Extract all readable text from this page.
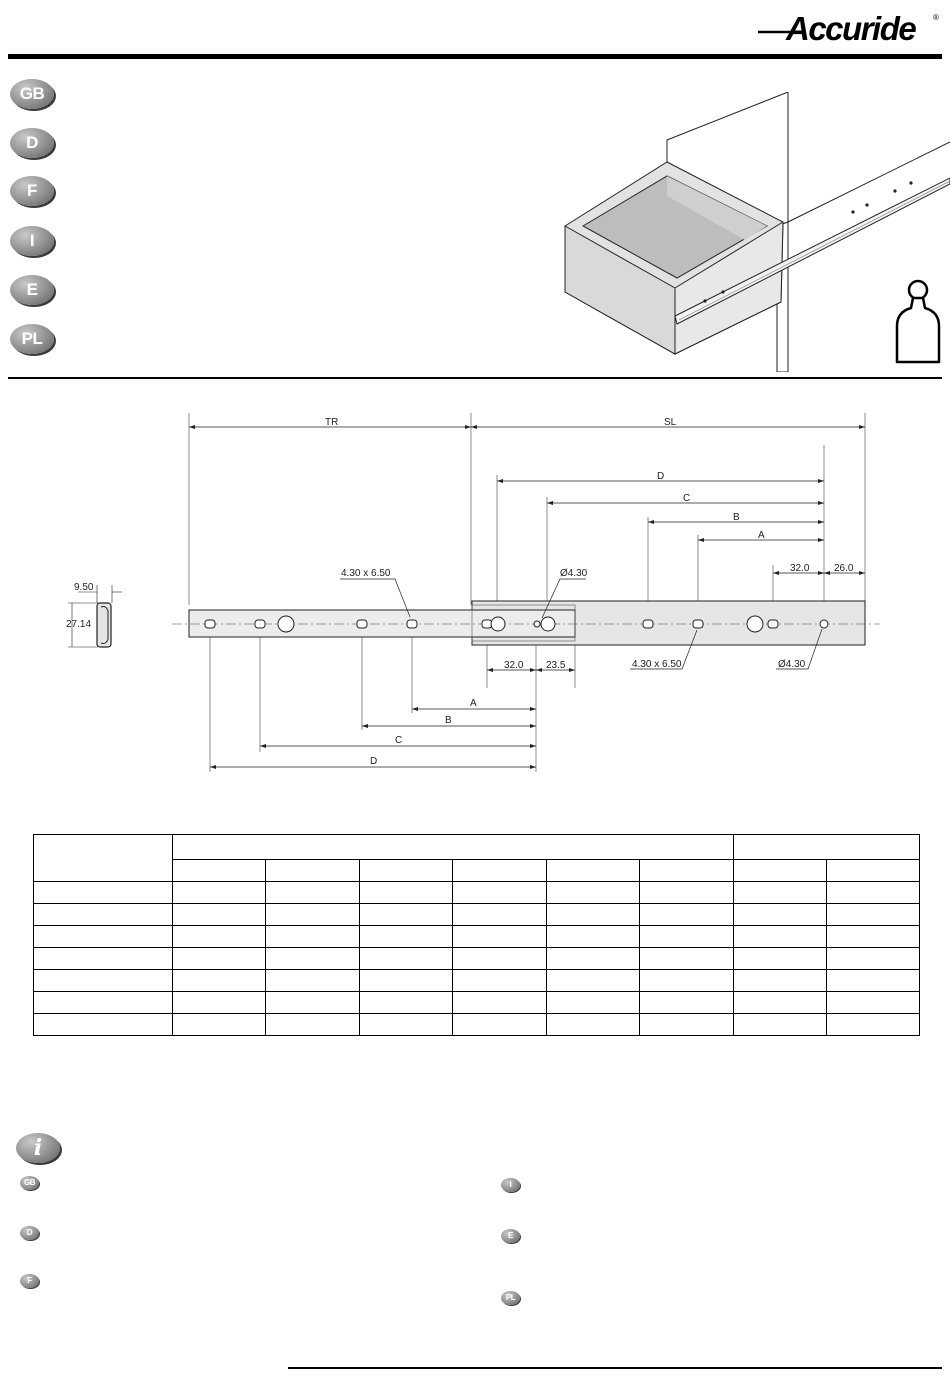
Accuride ®
GB
D
F
I
E
PL
9.50
27.14
TR	SL
D
C
B
A
32.0 26.0
4.30 x 6.50	Ø4.30
4.30 x 6.50	Ø4.30
32.0 23.5
A
B
C
D

i
GB
D
F
I
E
PL
